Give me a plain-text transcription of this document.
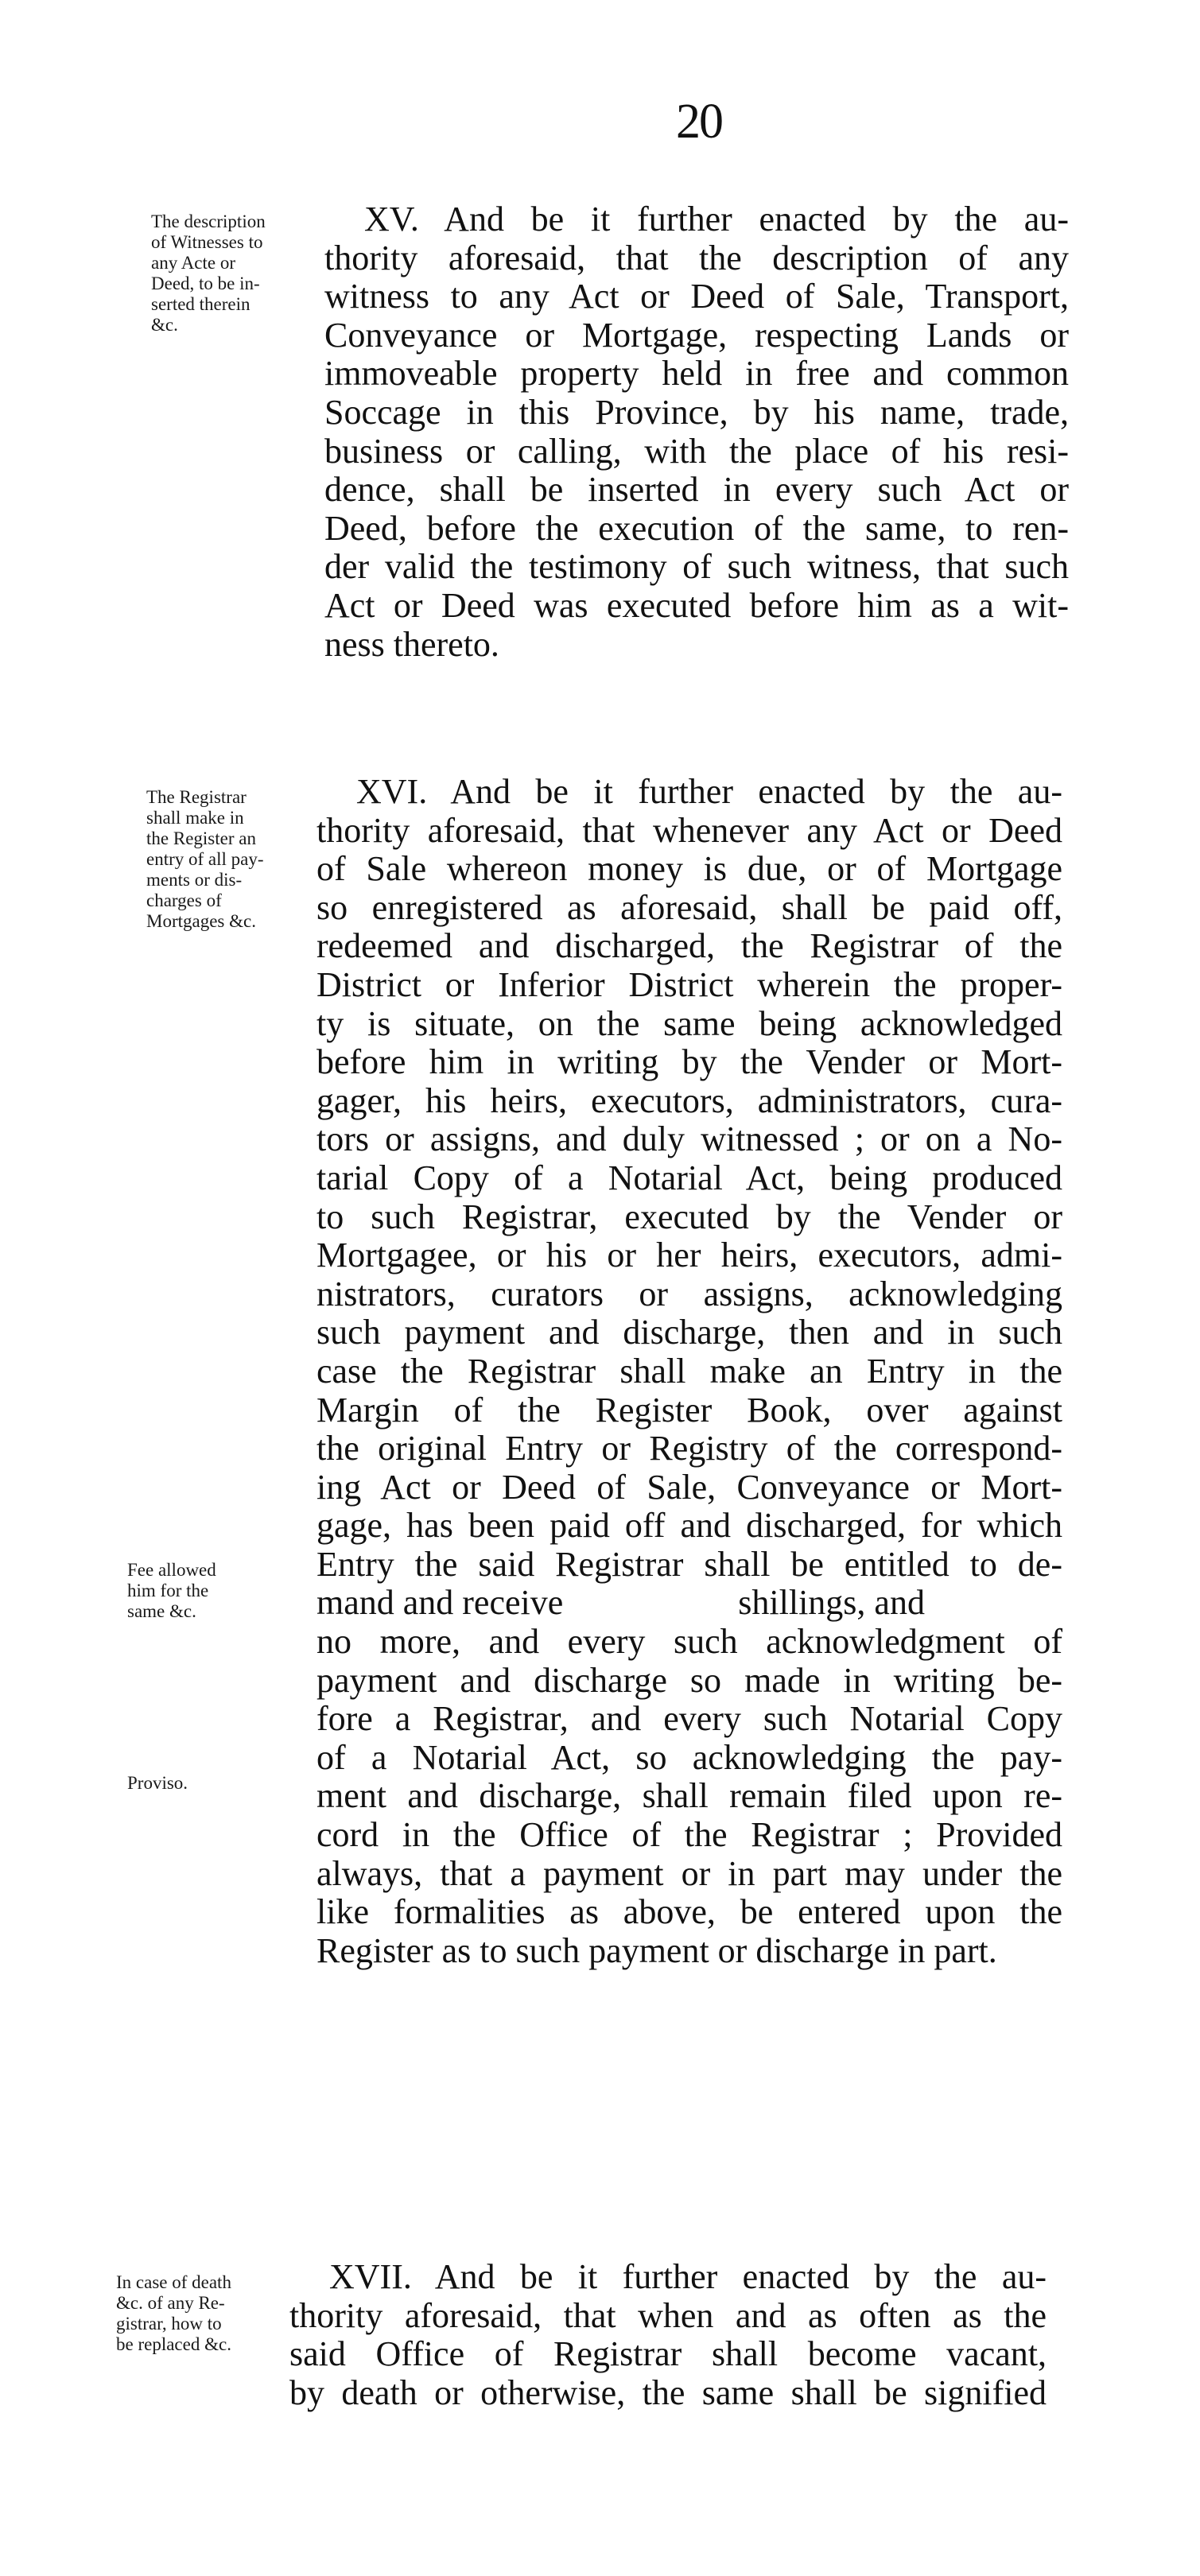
20
The description
of Witnesses to
any Acte or
Deed, to be in-
serted therein
&c.
XV. And be it further enacted by the au-
thority aforesaid, that the description of any
witness to any Act or Deed of Sale, Transport,
Conveyance or Mortgage, respecting Lands or
immoveable property held in free and common
Soccage in this Province, by his name, trade,
business or calling, with the place of his resi-
dence, shall be inserted in every such Act or
Deed, before the execution of the same, to ren-
der valid the testimony of such witness, that such
Act or Deed was executed before him as a wit-
ness thereto.
The Registrar
shall make in
the Register an
entry of all pay-
ments or dis-
charges of
Mortgages &c.
Fee allowed
him for the
same &c.
Proviso.
XVI. And be it further enacted by the au-
thority aforesaid, that whenever any Act or Deed
of Sale whereon money is due, or of Mortgage
so enregistered as aforesaid, shall be paid off,
redeemed and discharged, the Registrar of the
District or Inferior District wherein the proper-
ty is situate, on the same being acknowledged
before him in writing by the Vender or Mort-
gager, his heirs, executors, administrators, cura-
tors or assigns, and duly witnessed ; or on a No-
tarial Copy of a Notarial Act, being produced
to such Registrar, executed by the Vender or
Mortgagee, or his or her heirs, executors, admi-
nistrators, curators or assigns, acknowledging
such payment and discharge, then and in such
case the Registrar shall make an Entry in the
Margin of the Register Book, over against
the original Entry or Registry of the correspond-
ing Act or Deed of Sale, Conveyance or Mort-
gage, has been paid off and discharged, for which
Entry the said Registrar shall be entitled to de-
mand and receive                    shillings, and
no more, and every such acknowledgment of
payment and discharge so made in writing be-
fore a Registrar, and every such Notarial Copy
of a Notarial Act, so acknowledging the pay-
ment and discharge, shall remain filed upon re-
cord in the Office of the Registrar ; Provided
always, that a payment or in part may under the
like formalities as above, be entered upon the
Register as to such payment or discharge in part.
In case of death
&c. of any Re-
gistrar, how to
be replaced &c.
XVII. And be it further enacted by the au-
thority aforesaid, that when and as often as the
said Office of Registrar shall become vacant,
by death or otherwise, the same shall be signified
